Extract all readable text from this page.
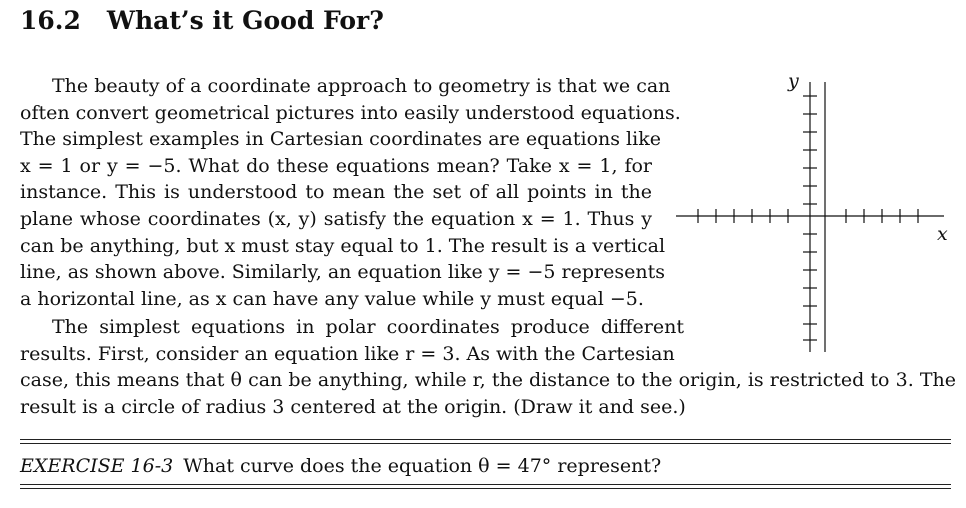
16.2 What’s it Good For?
The beauty of a coordinate approach to geometry is that we can
often convert geometrical pictures into easily understood equations.
The simplest examples in Cartesian coordinates are equations like
x = 1 or y = −5. What do these equations mean? Take x = 1, for
instance. This is understood to mean the set of all points in the
plane whose coordinates (x, y) satisfy the equation x = 1. Thus y
can be anything, but x must stay equal to 1. The result is a vertical
line, as shown above. Similarly, an equation like y = −5 represents
a horizontal line, as x can have any value while y must equal −5.
The simplest equations in polar coordinates produce different
results. First, consider an equation like r = 3. As with the Cartesian
case, this means that θ can be anything, while r, the distance to the origin, is restricted to 3. The
result is a circle of radius 3 centered at the origin. (Draw it and see.)
y
x
EXERCISE 16-3 What curve does the equation θ = 47° represent?
